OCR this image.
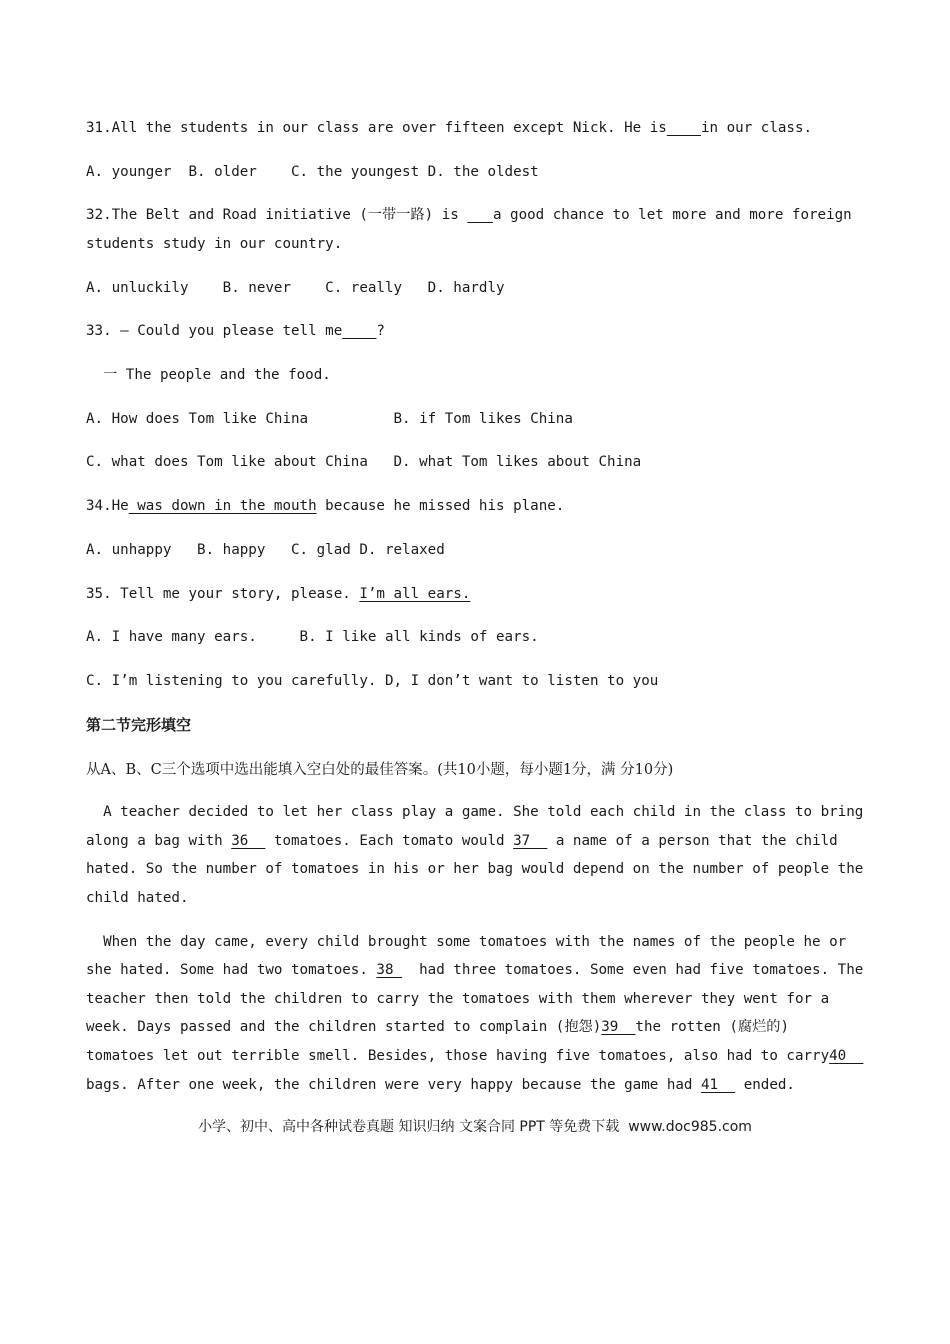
31.All the students in our class are over fifteen except Nick. He is____in our class.
A. younger  B. older    C. the youngest D. the oldest
32.The Belt and Road initiative (一带一路) is ___a good chance to let more and more foreign
students study in our country.
A. unluckily    B. never    C. really   D. hardly
33. — Could you please tell me____?
一 The people and the food.
A. How does Tom like China          B. if Tom likes China
C. what does Tom like about China   D. what Tom likes about China
34.He was down in the mouth because he missed his plane.
A. unhappy   B. happy   C. glad D. relaxed
35. Tell me your story, please. I’m all ears.
A. I have many ears.     B. I like all kinds of ears.
C. I’m listening to you carefully. D, I don’t want to listen to you
第二节完形填空
从A、B、C三个选项中选出能填入空白处的最佳答案。(共10小题，每小题1分，满 分10分)
A teacher decided to let her class play a game. She told each child in the class to bring
along a bag with 36__ tomatoes. Each tomato would 37__ a name of a person that the child
hated. So the number of tomatoes in his or her bag would depend on the number of people the
child hated.
When the day came, every child brought some tomatoes with the names of the people he or
she hated. Some had two tomatoes. 38_  had three tomatoes. Some even had five tomatoes. The
teacher then told the children to carry the tomatoes with them wherever they went for a
week. Days passed and the children started to complain (抱怨)39__the rotten (腐烂的)
tomatoes let out terrible smell. Besides, those having five tomatoes, also had to carry40__
bags. After one week, the children were very happy because the game had 41__ ended.
小学、初中、高中各种试卷真题 知识归纳 文案合同 PPT 等免费下载  www.doc985.com
